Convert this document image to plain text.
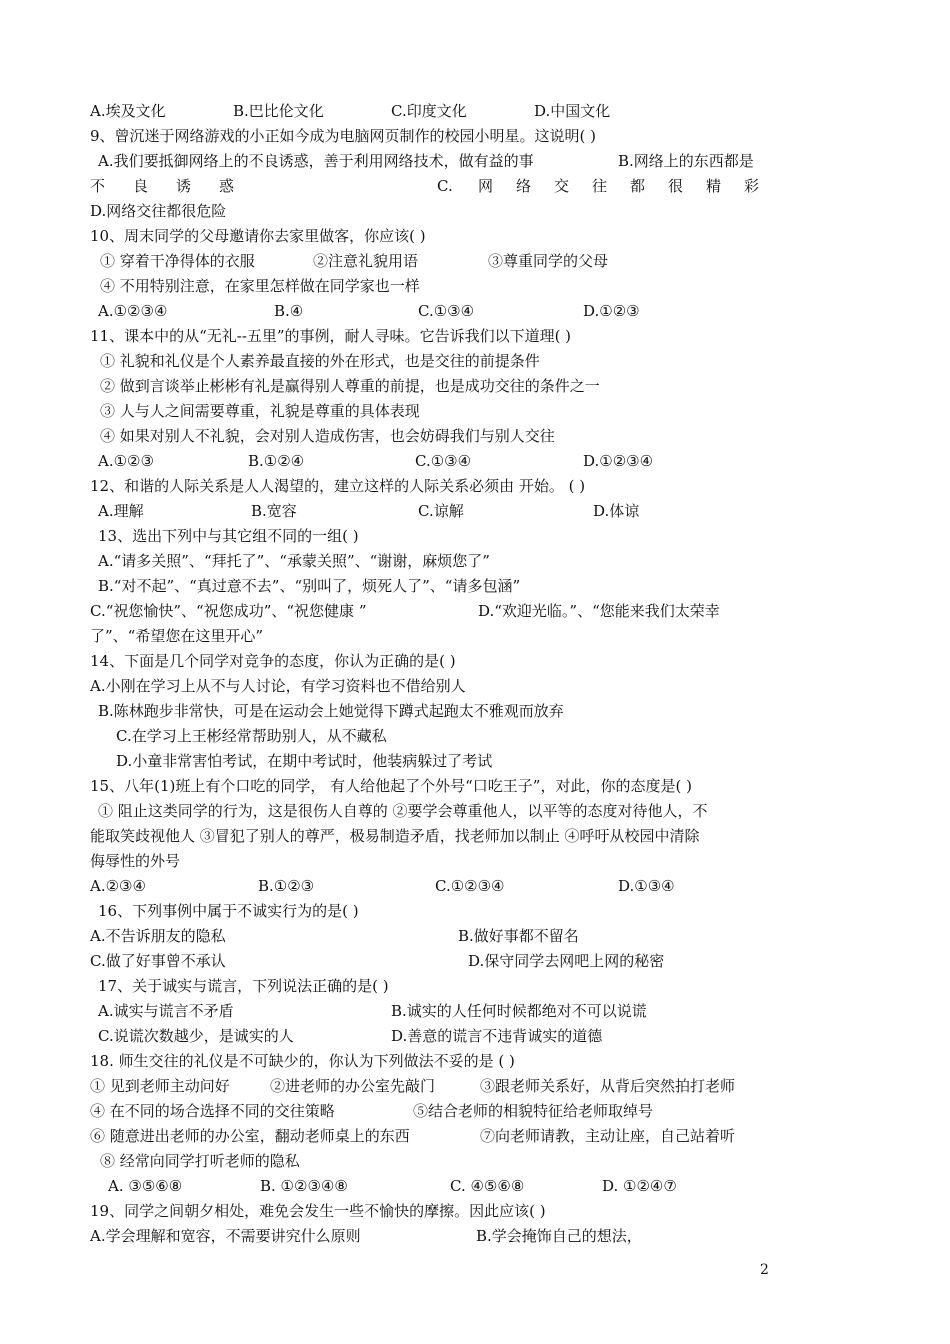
A.埃及文化	B.巴比伦文化	C.印度文化	D.中国文化
9、曾沉迷于网络游戏的小正如今成为电脑网页制作的校园小明星。这说明( )
A.我们要抵御网络上的不良诱惑，善于利用网络技术，做有益的事	B.网络上的东西都是
不 良 诱 惑	C. 网 络 交 往 都 很 精 彩
D.网络交往都很危险
10、周末同学的父母邀请你去家里做客，你应该( )
① 穿着干净得体的衣服	②注意礼貌用语	③尊重同学的父母
④ 不用特别注意，在家里怎样做在同学家也一样
A.①②③④	B.④	C.①③④	D.①②③
11、课本中的从“无礼--五里”的事例，耐人寻味。它告诉我们以下道理( )
① 礼貌和礼仪是个人素养最直接的外在形式，也是交往的前提条件
② 做到言谈举止彬彬有礼是赢得别人尊重的前提，也是成功交往的条件之一
③ 人与人之间需要尊重，礼貌是尊重的具体表现
④ 如果对别人不礼貌，会对别人造成伤害，也会妨碍我们与别人交往
A.①②③	B.①②④	C.①③④	D.①②③④
12、和谐的人际关系是人人渴望的，建立这样的人际关系必须由 开始。 ( )
A.理解	B.宽容	C.谅解	D.体谅
13、选出下列中与其它组不同的一组( )
A.“请多关照”、“拜托了”、“承蒙关照”、“谢谢，麻烦您了”
B.“对不起”、“真过意不去”、“别叫了，烦死人了”、“请多包涵”
C.“祝您愉快”、“祝您成功”、“祝您健康 ”	D.“欢迎光临。”、“您能来我们太荣幸
了”、“希望您在这里开心”
14、下面是几个同学对竞争的态度，你认为正确的是( )
A.小刚在学习上从不与人讨论，有学习资料也不借给别人
B.陈林跑步非常快，可是在运动会上她觉得下蹲式起跑太不雅观而放弃
C.在学习上王彬经常帮助别人，从不藏私
D.小童非常害怕考试，在期中考试时，他装病躲过了考试
15、八年(1)班上有个口吃的同学， 有人给他起了个外号“口吃王子”，对此，你的态度是( )
① 阻止这类同学的行为，这是很伤人自尊的 ②要学会尊重他人，以平等的态度对待他人，不
能取笑歧视他人 ③冒犯了别人的尊严，极易制造矛盾，找老师加以制止 ④呼吁从校园中清除
侮辱性的外号
A.②③④	B.①②③	C.①②③④	D.①③④
16、下列事例中属于不诚实行为的是( )
A.不告诉朋友的隐私	B.做好事都不留名
C.做了好事曾不承认	D.保守同学去网吧上网的秘密
17、关于诚实与谎言，下列说法正确的是( )
A.诚实与谎言不矛盾	B.诚实的人任何时候都绝对不可以说谎
C.说谎次数越少，是诚实的人	D.善意的谎言不违背诚实的道德
18. 师生交往的礼仪是不可缺少的，你认为下列做法不妥的是 ( )
① 见到老师主动问好	②进老师的办公室先敲门	③跟老师关系好，从背后突然拍打老师
④ 在不同的场合选择不同的交往策略	⑤结合老师的相貌特征给老师取绰号
⑥ 随意进出老师的办公室，翻动老师桌上的东西	⑦向老师请教，主动让座，自己站着听
⑧ 经常向同学打听老师的隐私
A. ③⑤⑥⑧	B. ①②③④⑧	C. ④⑤⑥⑧	D. ①②④⑦
19、同学之间朝夕相处，难免会发生一些不愉快的摩擦。因此应该( )
A.学会理解和宽容，不需要讲究什么原则	B.学会掩饰自己的想法，
2
